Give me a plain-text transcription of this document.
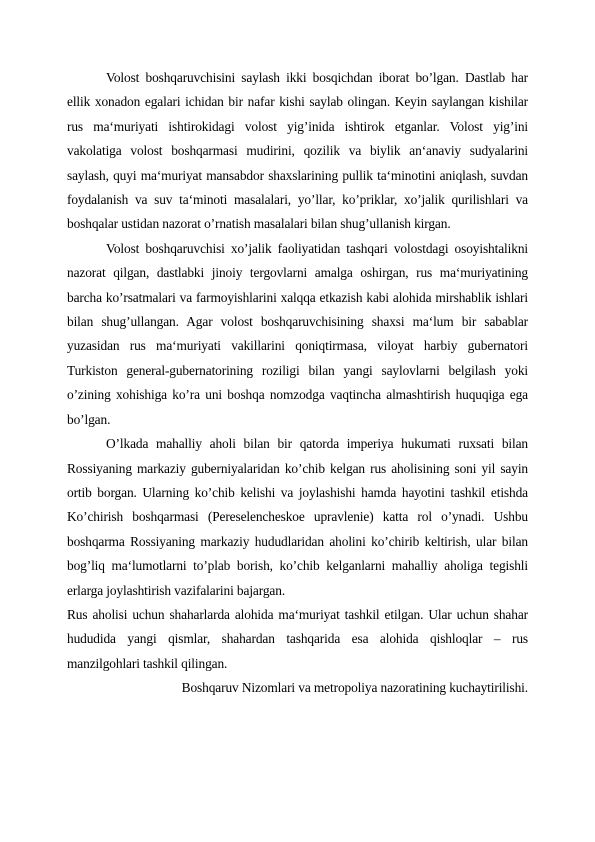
Volost boshqaruvchisini saylash ikki bosqichdan iborat bo’lgan. Dastlab har ellik xonadon egalari ichidan bir nafar kishi saylab olingan. Keyin saylangan kishilar rus ma‘muriyati ishtirokidagi volost yig’inida ishtirok etganlar. Volost yig’ini vakolatiga volost boshqarmasi mudirini, qozilik va biylik an‘anaviy sudyalarini saylash, quyi ma‘muriyat mansabdor shaxslarining pullik ta‘minotini aniqlash, suvdan foydalanish va suv ta‘minoti masalalari, yo’llar, ko’priklar, xo’jalik qurilishlari va boshqalar ustidan nazorat o’rnatish masalalari bilan shug’ullanish kirgan.

Volost boshqaruvchisi xo’jalik faoliyatidan tashqari volostdagi osoyishtalikni nazorat qilgan, dastlabki jinoiy tergovlarni amalga oshirgan, rus ma‘muriyatining barcha ko’rsatmalari va farmoyishlarini xalqqa etkazish kabi alohida mirshablik ishlari bilan shug’ullangan. Agar volost boshqaruvchisining shaxsi ma‘lum bir sabablar yuzasidan rus ma‘muriyati vakillarini qoniqtirmasa, viloyat harbiy gubernatori Turkiston general-gubernatorining roziligi bilan yangi saylovlarni belgilash yoki o’zining xohishiga ko’ra uni boshqa nomzodga vaqtincha almashtirish huquqiga ega bo’lgan.

O’lkada mahalliy aholi bilan bir qatorda imperiya hukumati ruxsati bilan Rossiyaning markaziy guberniyalaridan ko’chib kelgan rus aholisining soni yil sayin ortib borgan. Ularning ko’chib kelishi va joylashishi hamda hayotini tashkil etishda Ko’chirish boshqarmasi (Pereselencheskoe upravlenie) katta rol o’ynadi. Ushbu boshqarma Rossiyaning markaziy hududlaridan aholini ko’chirib keltirish, ular bilan bog’liq ma‘lumotlarni to’plab borish, ko’chib kelganlarni mahalliy aholiga tegishli erlarga joylashtirish vazifalarini bajargan.

Rus aholisi uchun shaharlarda alohida ma‘muriyat tashkil etilgan. Ular uchun shahar hududida yangi qismlar, shahardan tashqarida esa alohida qishloqlar – rus manzilgohlari tashkil qilingan.

Boshqaruv Nizomlari va metropoliya nazoratining kuchaytirilishi.
